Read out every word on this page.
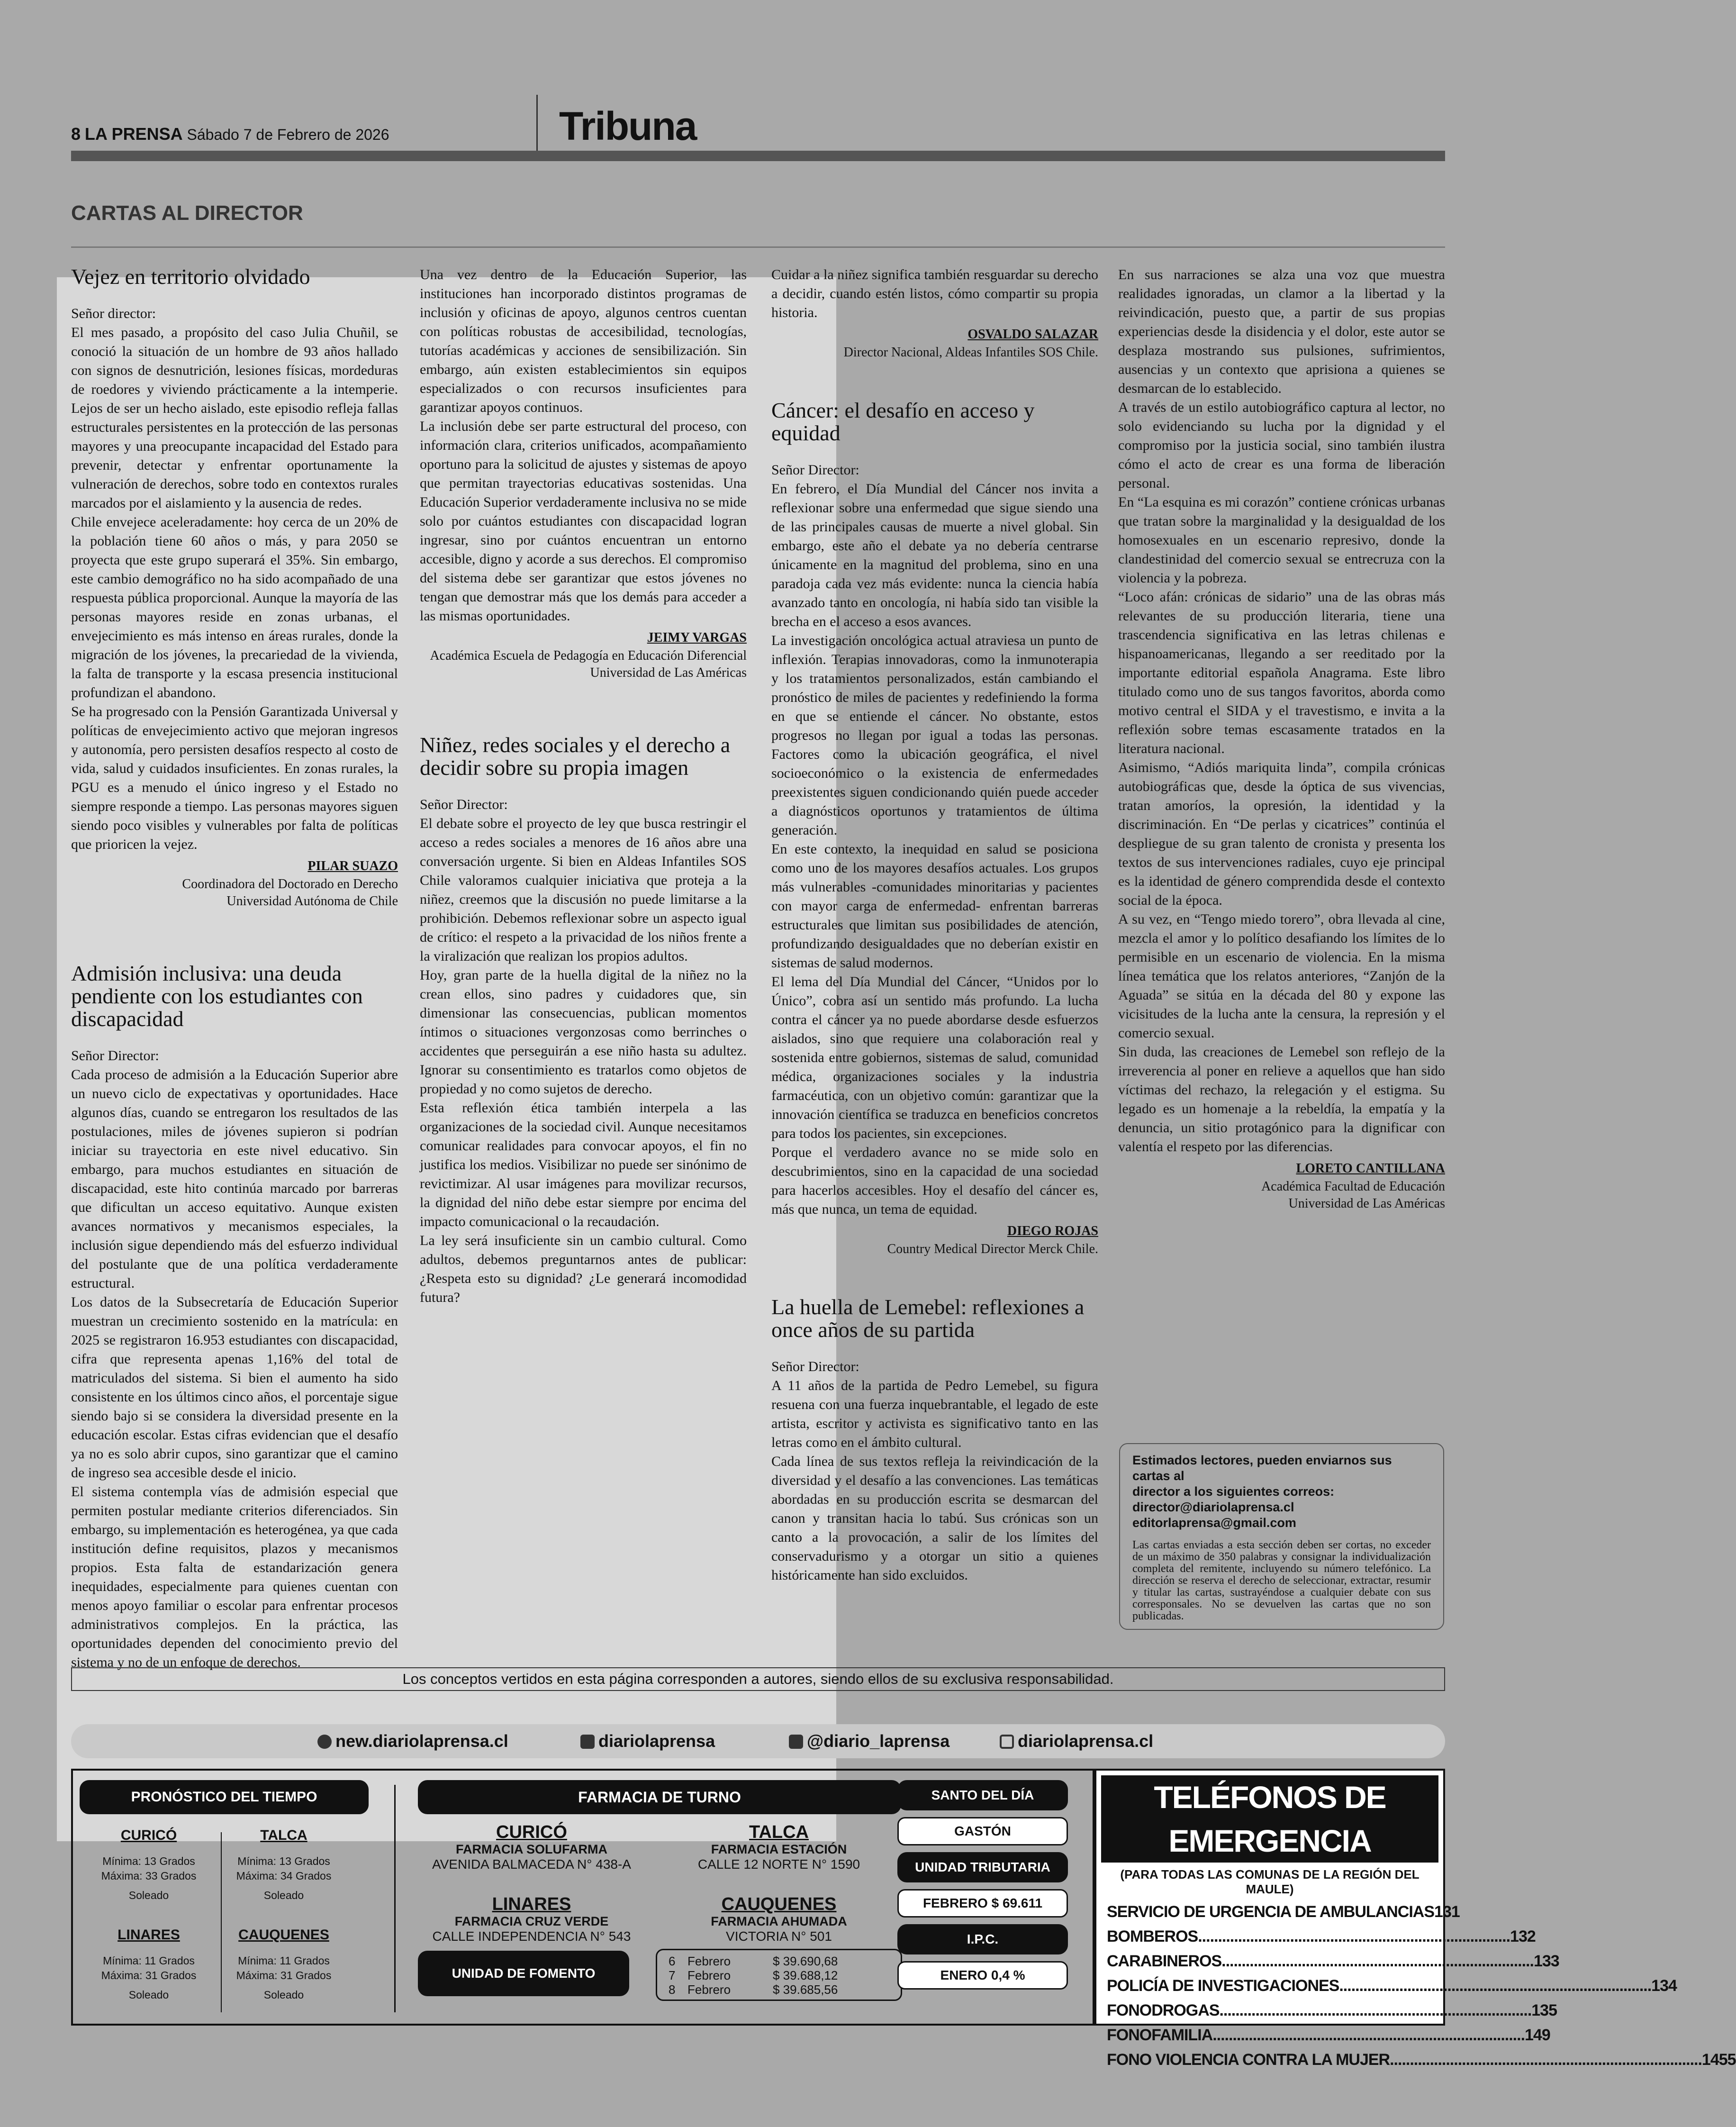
8 LA PRENSA Sábado 7 de Febrero de 2026	Tribuna
CARTAS AL DIRECTOR
Vejez en territorio olvidado

Señor director:

El mes pasado, a propósito del caso Julia Chuñil, se conoció la situación de un hombre de 93 años hallado con signos de desnutrición, lesiones físicas, mordeduras de roedores y viviendo prácticamente a la intemperie. Lejos de ser un hecho aislado, este episodio refleja fallas estructurales persistentes en la protección de las personas mayores y una preocupante incapacidad del Estado para prevenir, detectar y enfrentar oportunamente la vulneración de derechos, sobre todo en contextos rurales marcados por el aislamiento y la ausencia de redes.

Chile envejece aceleradamente: hoy cerca de un 20% de la población tiene 60 años o más, y para 2050 se proyecta que este grupo superará el 35%. Sin embargo, este cambio demográfico no ha sido acompañado de una respuesta pública proporcional. Aunque la mayoría de las personas mayores reside en zonas urbanas, el envejecimiento es más intenso en áreas rurales, donde la migración de los jóvenes, la precariedad de la vivienda, la falta de transporte y la escasa presencia institucional profundizan el abandono.

Se ha progresado con la Pensión Garantizada Universal y políticas de envejecimiento activo que mejoran ingresos y autonomía, pero persisten desafíos respecto al costo de vida, salud y cuidados insuficientes. En zonas rurales, la PGU es a menudo el único ingreso y el Estado no siempre responde a tiempo. Las personas mayores siguen siendo poco visibles y vulnerables por falta de políticas que prioricen la vejez.

PILAR SUAZO
Coordinadora del Doctorado en Derecho
Universidad Autónoma de Chile
Admisión inclusiva: una deuda pendiente con los estudiantes con discapacidad

Señor Director:

Cada proceso de admisión a la Educación Superior abre un nuevo ciclo de expectativas y oportunidades. Hace algunos días, cuando se entregaron los resultados de las postulaciones, miles de jóvenes supieron si podrían iniciar su trayectoria en este nivel educativo. Sin embargo, para muchos estudiantes en situación de discapacidad, este hito continúa marcado por barreras que dificultan un acceso equitativo. Aunque existen avances normativos y mecanismos especiales, la inclusión sigue dependiendo más del esfuerzo individual del postulante que de una política verdaderamente estructural.

Los datos de la Subsecretaría de Educación Superior muestran un crecimiento sostenido en la matrícula: en 2025 se registraron 16.953 estudiantes con discapacidad, cifra que representa apenas 1,16% del total de matriculados del sistema. Si bien el aumento ha sido consistente en los últimos cinco años, el porcentaje sigue siendo bajo si se considera la diversidad presente en la educación escolar. Estas cifras evidencian que el desafío ya no es solo abrir cupos, sino garantizar que el camino de ingreso sea accesible desde el inicio.

El sistema contempla vías de admisión especial que permiten postular mediante criterios diferenciados. Sin embargo, su implementación es heterogénea, ya que cada institución define requisitos, plazos y mecanismos propios. Esta falta de estandarización genera inequidades, especialmente para quienes cuentan con menos apoyo familiar o escolar para enfrentar procesos administrativos complejos. En la práctica, las oportunidades dependen del conocimiento previo del sistema y no de un enfoque de derechos.

Una vez dentro de la Educación Superior, las instituciones han incorporado distintos programas de inclusión y oficinas de apoyo, algunos centros cuentan con políticas robustas de accesibilidad, tecnologías, tutorías académicas y acciones de sensibilización. Sin embargo, aún existen establecimientos sin equipos especializados o con recursos insuficientes para garantizar apoyos continuos.

La inclusión debe ser parte estructural del proceso, con información clara, criterios unificados, acompañamiento oportuno para la solicitud de ajustes y sistemas de apoyo que permitan trayectorias educativas sostenidas. Una Educación Superior verdaderamente inclusiva no se mide solo por cuántos estudiantes con discapacidad logran ingresar, sino por cuántos encuentran un entorno accesible, digno y acorde a sus derechos. El compromiso del sistema debe ser garantizar que estos jóvenes no tengan que demostrar más que los demás para acceder a las mismas oportunidades.

JEIMY VARGAS
Académica Escuela de Pedagogía en Educación Diferencial
Universidad de Las Américas
Niñez, redes sociales y el derecho a decidir sobre su propia imagen

Señor Director:

El debate sobre el proyecto de ley que busca restringir el acceso a redes sociales a menores de 16 años abre una conversación urgente. Si bien en Aldeas Infantiles SOS Chile valoramos cualquier iniciativa que proteja a la niñez, creemos que la discusión no puede limitarse a la prohibición. Debemos reflexionar sobre un aspecto igual de crítico: el respeto a la privacidad de los niños frente a la viralización que realizan los propios adultos.

Hoy, gran parte de la huella digital de la niñez no la crean ellos, sino padres y cuidadores que, sin dimensionar las consecuencias, publican momentos íntimos o situaciones vergonzosas como berrinches o accidentes que perseguirán a ese niño hasta su adultez. Ignorar su consentimiento es tratarlos como objetos de propiedad y no como sujetos de derecho.

Esta reflexión ética también interpela a las organizaciones de la sociedad civil. Aunque necesitamos comunicar realidades para convocar apoyos, el fin no justifica los medios. Visibilizar no puede ser sinónimo de revictimizar. Al usar imágenes para movilizar recursos, la dignidad del niño debe estar siempre por encima del impacto comunicacional o la recaudación.

La ley será insuficiente sin un cambio cultural. Como adultos, debemos preguntarnos antes de publicar: ¿Respeta esto su dignidad? ¿Le generará incomodidad futura?

Cuidar a la niñez significa también resguardar su derecho a decidir, cuando estén listos, cómo compartir su propia historia.

OSVALDO SALAZAR
Director Nacional, Aldeas Infantiles SOS Chile.
Cáncer: el desafío en acceso y equidad

Señor Director:

En febrero, el Día Mundial del Cáncer nos invita a reflexionar sobre una enfermedad que sigue siendo una de las principales causas de muerte a nivel global. Sin embargo, este año el debate ya no debería centrarse únicamente en la magnitud del problema, sino en una paradoja cada vez más evidente: nunca la ciencia había avanzado tanto en oncología, ni había sido tan visible la brecha en el acceso a esos avances.

La investigación oncológica actual atraviesa un punto de inflexión. Terapias innovadoras, como la inmunoterapia y los tratamientos personalizados, están cambiando el pronóstico de miles de pacientes y redefiniendo la forma en que se entiende el cáncer. No obstante, estos progresos no llegan por igual a todas las personas. Factores como la ubicación geográfica, el nivel socioeconómico o la existencia de enfermedades preexistentes siguen condicionando quién puede acceder a diagnósticos oportunos y tratamientos de última generación.

En este contexto, la inequidad en salud se posiciona como uno de los mayores desafíos actuales. Los grupos más vulnerables -comunidades minoritarias y pacientes con mayor carga de enfermedad- enfrentan barreras estructurales que limitan sus posibilidades de atención, profundizando desigualdades que no deberían existir en sistemas de salud modernos.

El lema del Día Mundial del Cáncer, “Unidos por lo Único”, cobra así un sentido más profundo. La lucha contra el cáncer ya no puede abordarse desde esfuerzos aislados, sino que requiere una colaboración real y sostenida entre gobiernos, sistemas de salud, comunidad médica, organizaciones sociales y la industria farmacéutica, con un objetivo común: garantizar que la innovación científica se traduzca en beneficios concretos para todos los pacientes, sin excepciones.

Porque el verdadero avance no se mide solo en descubrimientos, sino en la capacidad de una sociedad para hacerlos accesibles. Hoy el desafío del cáncer es, más que nunca, un tema de equidad.

DIEGO ROJAS
Country Medical Director Merck Chile.
La huella de Lemebel: reflexiones a once años de su partida

Señor Director:

A 11 años de la partida de Pedro Lemebel, su figura resuena con una fuerza inquebrantable, el legado de este artista, escritor y activista es significativo tanto en las letras como en el ámbito cultural.

Cada línea de sus textos refleja la reivindicación de la diversidad y el desafío a las convenciones. Las temáticas abordadas en su producción escrita se desmarcan del canon y transitan hacia lo tabú. Sus crónicas son un canto a la provocación, a salir de los límites del conservadurismo y a otorgar un sitio a quienes históricamente han sido excluidos.

En sus narraciones se alza una voz que muestra realidades ignoradas, un clamor a la libertad y la reivindicación, puesto que, a partir de sus propias experiencias desde la disidencia y el dolor, este autor se desplaza mostrando sus pulsiones, sufrimientos, ausencias y un contexto que aprisiona a quienes se desmarcan de lo establecido.

A través de un estilo autobiográfico captura al lector, no solo evidenciando su lucha por la dignidad y el compromiso por la justicia social, sino también ilustra cómo el acto de crear es una forma de liberación personal.

En “La esquina es mi corazón” contiene crónicas urbanas que tratan sobre la marginalidad y la desigualdad de los homosexuales en un escenario represivo, donde la clandestinidad del comercio sexual se entrecruza con la violencia y la pobreza.

“Loco afán: crónicas de sidario” una de las obras más relevantes de su producción literaria, tiene una trascendencia significativa en las letras chilenas e hispanoamericanas, llegando a ser reeditado por la importante editorial española Anagrama. Este libro titulado como uno de sus tangos favoritos, aborda como motivo central el SIDA y el travestismo, e invita a la reflexión sobre temas escasamente tratados en la literatura nacional.

Asimismo, “Adiós mariquita linda”, compila crónicas autobiográficas que, desde la óptica de sus vivencias, tratan amoríos, la opresión, la identidad y la discriminación. En “De perlas y cicatrices” continúa el despliegue de su gran talento de cronista y presenta los textos de sus intervenciones radiales, cuyo eje principal es la identidad de género comprendida desde el contexto social de la época.

A su vez, en “Tengo miedo torero”, obra llevada al cine, mezcla el amor y lo político desafiando los límites de lo permisible en un escenario de violencia. En la misma línea temática que los relatos anteriores, “Zanjón de la Aguada” se sitúa en la década del 80 y expone las vicisitudes de la lucha ante la censura, la represión y el comercio sexual.

Sin duda, las creaciones de Lemebel son reflejo de la irreverencia al poner en relieve a aquellos que han sido víctimas del rechazo, la relegación y el estigma. Su legado es un homenaje a la rebeldía, la empatía y la denuncia, un sitio protagónico para la dignificar con valentía el respeto por las diferencias.

LORETO CANTILLANA
Académica Facultad de Educación
Universidad de Las Américas
Estimados lectores, pueden enviarnos sus cartas al
director a los siguientes correos:
director@diariolaprensa.cl
editorlaprensa@gmail.com
Las cartas enviadas a esta sección deben ser cortas, no exceder de un máximo de 350 palabras y consignar la individualización completa del remitente, incluyendo su número telefónico. La dirección se reserva el derecho de seleccionar, extractar, resumir y titular las cartas, sustrayéndose a cualquier debate con sus corresponsales. No se devuelven las cartas que no son publicadas.
Los conceptos vertidos en esta página corresponden a autores, siendo ellos de su exclusiva responsabilidad.
new.diariolaprensa.cl	diariolaprensa	@diario_laprensa	diariolaprensa.cl
PRONÓSTICO DEL TIEMPO
CURICÓ
Mínima: 13 Grados
Máxima: 33 Grados
Soleado
TALCA
Mínima: 13 Grados
Máxima: 34 Grados
Soleado
LINARES
Mínima: 11 Grados
Máxima: 31 Grados
Soleado
CAUQUENES
Mínima: 11 Grados
Máxima: 31 Grados
Soleado
FARMACIA DE TURNO
CURICÓ
FARMACIA SOLUFARMA
AVENIDA BALMACEDA N° 438-A
TALCA
FARMACIA ESTACIÓN
CALLE 12 NORTE N° 1590
LINARES
FARMACIA CRUZ VERDE
CALLE INDEPENDENCIA N° 543
CAUQUENES
FARMACIA AHUMADA
VICTORIA N° 501
UNIDAD DE FOMENTO
6 Febrero	$ 39.690,68
7 Febrero	$ 39.688,12
8 Febrero	$ 39.685,56
SANTO DEL DÍA
GASTÓN
UNIDAD TRIBUTARIA
FEBRERO $ 69.611
I.P.C.
ENERO 0,4 %
TELÉFONOS DE EMERGENCIA
(PARA TODAS LAS COMUNAS DE LA REGIÓN DEL MAULE)
SERVICIO DE URGENCIA DE AMBULANCIAS 131
BOMBEROS .............................................................................. 132
CARABINEROS .............................................................................. 133
POLICÍA DE INVESTIGACIONES .............................................................................. 134
FONODROGAS .............................................................................. 135
FONOFAMILIA .............................................................................. 149
FONO VIOLENCIA CONTRA LA MUJER .............................................................................. 1455
